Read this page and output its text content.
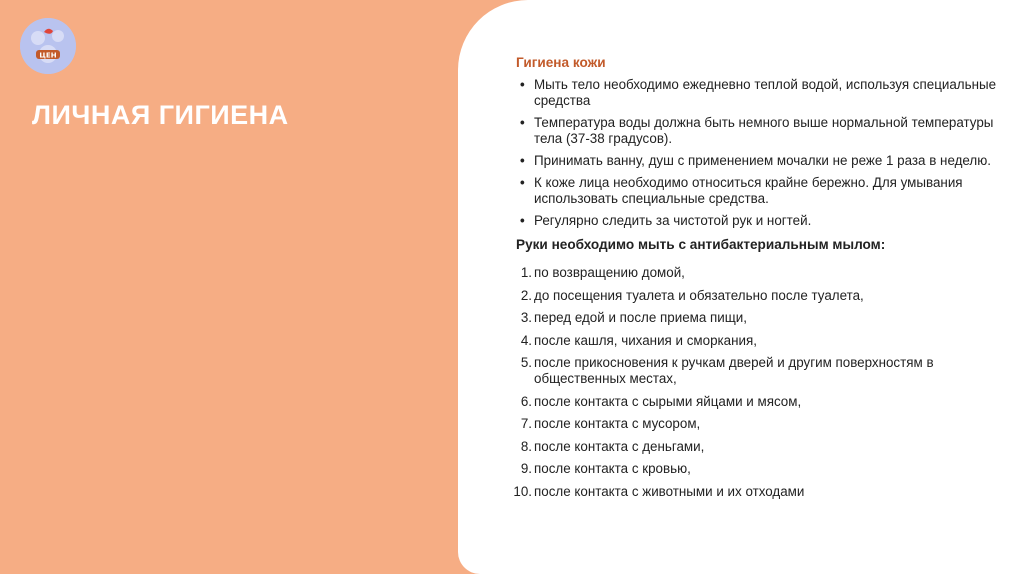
ЦЕН
ЛИЧНАЯ ГИГИЕНА
Гигиена кожи
• Мыть тело необходимо ежедневно теплой водой, используя специальные средства
• Температура воды должна быть немного выше нормальной температуры тела (37-38 градусов).
• Принимать ванну, душ с применением мочалки не реже 1 раза в неделю.
• К коже лица необходимо относиться крайне бережно. Для умывания использовать специальные средства.
• Регулярно следить за чистотой рук и ногтей.
Руки необходимо мыть с антибактериальным мылом:
1. по возвращению домой,
2. до посещения туалета и обязательно после туалета,
3. перед едой и после приема пищи,
4. после кашля, чихания и сморкания,
5. после прикосновения к ручкам дверей и другим поверхностям в общественных местах,
6. после контакта с сырыми яйцами и мясом,
7. после контакта с мусором,
8. после контакта с деньгами,
9. после контакта с кровью,
10. после контакта с животными и их отходами
